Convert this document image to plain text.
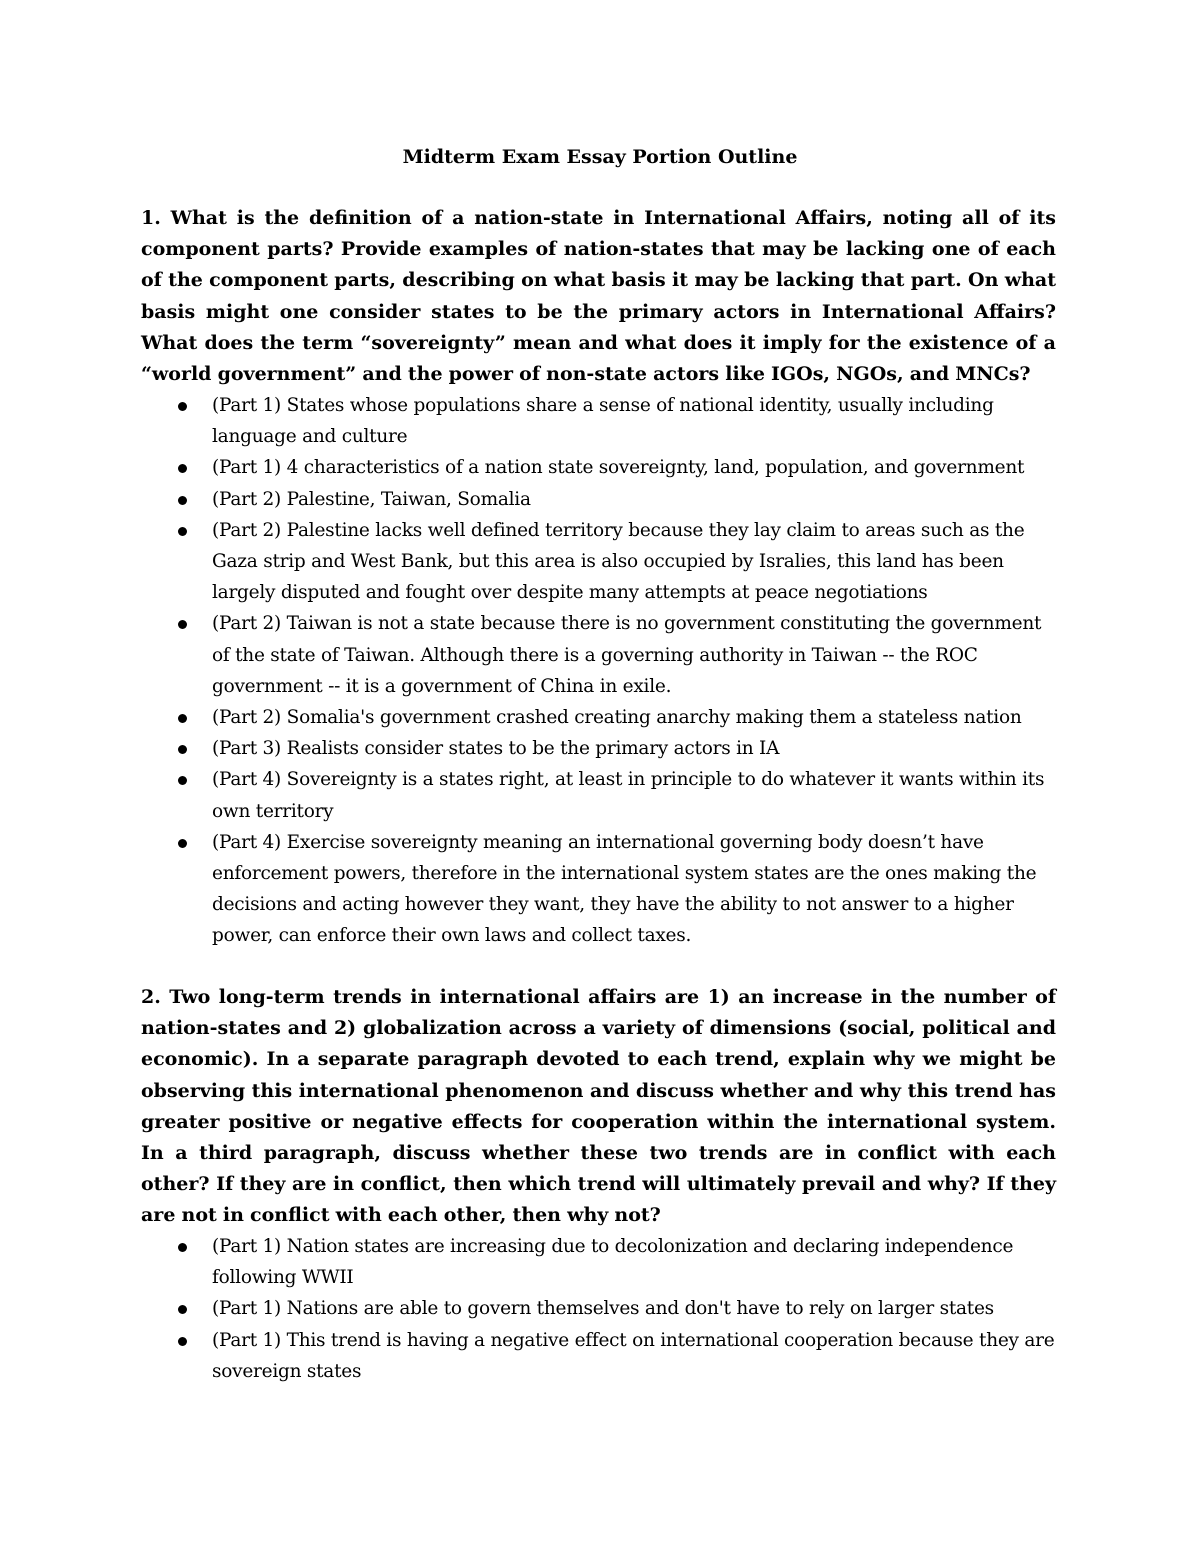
Midterm Exam Essay Portion Outline
1. What is the definition of a nation-state in International Affairs, noting all of its component parts? Provide examples of nation-states that may be lacking one of each of the component parts, describing on what basis it may be lacking that part. On what basis might one consider states to be the primary actors in International Affairs? What does the term “sovereignty” mean and what does it imply for the existence of a “world government” and the power of non-state actors like IGOs, NGOs, and MNCs?
(Part 1) States whose populations share a sense of national identity, usually including language and culture
(Part 1) 4 characteristics of a nation state sovereignty, land, population, and government
(Part 2) Palestine, Taiwan, Somalia
(Part 2) Palestine lacks well defined territory because they lay claim to areas such as the Gaza strip and West Bank, but this area is also occupied by Isralies, this land has been largely disputed and fought over despite many attempts at peace negotiations
(Part 2) Taiwan is not a state because there is no government constituting the government of the state of Taiwan. Although there is a governing authority in Taiwan -- the ROC government -- it is a government of China in exile.
(Part 2) Somalia's government crashed creating anarchy making them a stateless nation
(Part 3) Realists consider states to be the primary actors in IA
(Part 4) Sovereignty is a states right, at least in principle to do whatever it wants within its own territory
(Part 4) Exercise sovereignty meaning an international governing body doesn’t have enforcement powers, therefore in the international system states are the ones making the decisions and acting however they want, they have the ability to not answer to a higher power, can enforce their own laws and collect taxes.
2. Two long-term trends in international affairs are 1) an increase in the number of nation-states and 2) globalization across a variety of dimensions (social, political and economic). In a separate paragraph devoted to each trend, explain why we might be observing this international phenomenon and discuss whether and why this trend has greater positive or negative effects for cooperation within the international system. In a third paragraph, discuss whether these two trends are in conflict with each other? If they are in conflict, then which trend will ultimately prevail and why? If they are not in conflict with each other, then why not?
(Part 1) Nation states are increasing due to decolonization and declaring independence following WWII
(Part 1) Nations are able to govern themselves and don't have to rely on larger states
(Part 1) This trend is having a negative effect on international cooperation because they are sovereign states
